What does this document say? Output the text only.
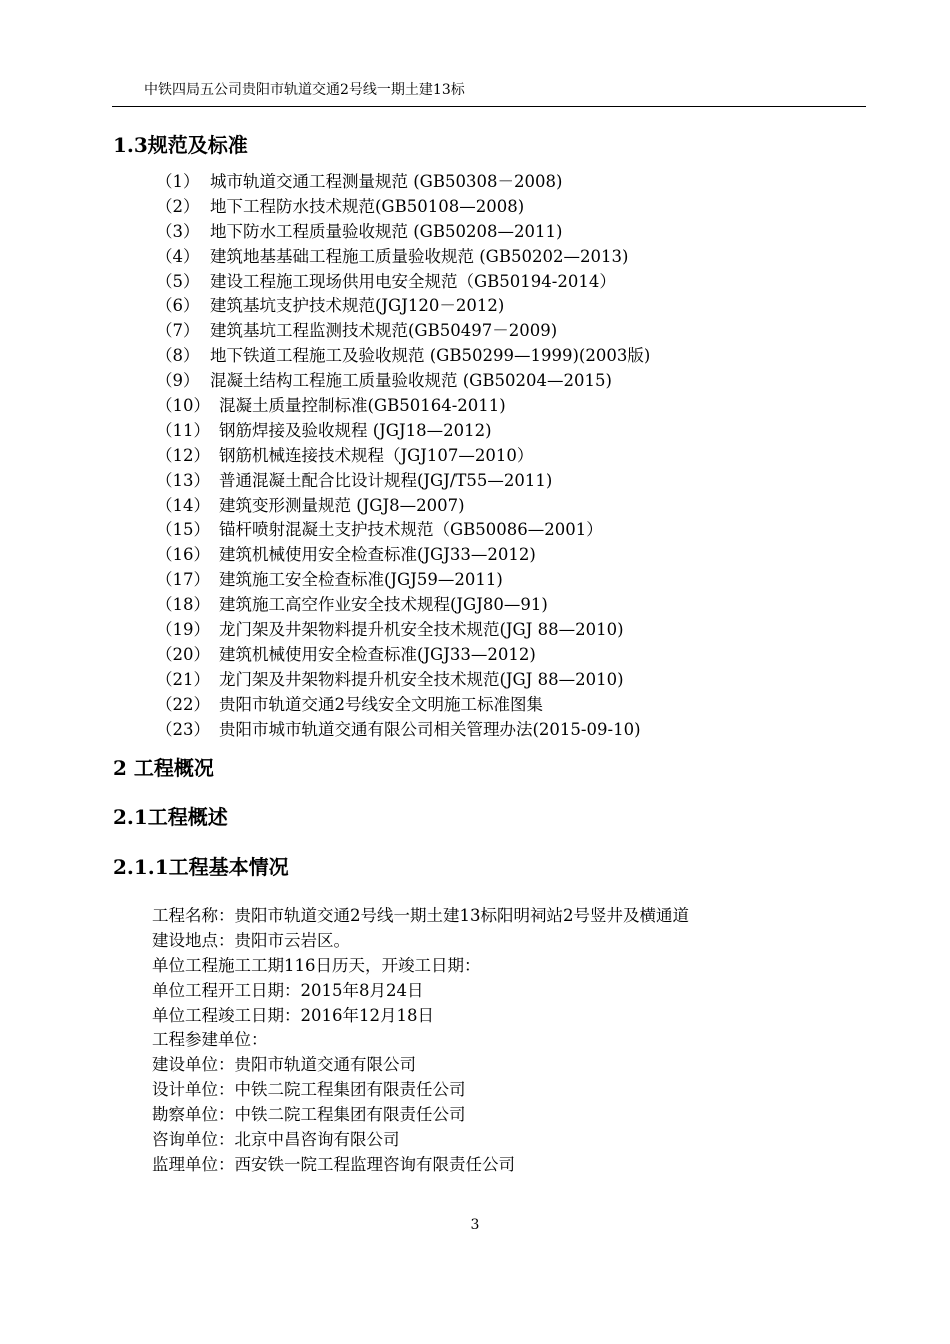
中铁四局五公司贵阳市轨道交通2号线一期土建13标
1.3规范及标准
（1） 城市轨道交通工程测量规范 (GB50308－2008)
（2） 地下工程防水技术规范(GB50108—2008)
（3） 地下防水工程质量验收规范 (GB50208—2011)
（4） 建筑地基基础工程施工质量验收规范 (GB50202—2013)
（5） 建设工程施工现场供用电安全规范（GB50194-2014）
（6） 建筑基坑支护技术规范(JGJ120－2012)
（7） 建筑基坑工程监测技术规范(GB50497－2009)
（8） 地下铁道工程施工及验收规范 (GB50299—1999)(2003版)
（9） 混凝土结构工程施工质量验收规范 (GB50204—2015)
（10） 混凝土质量控制标准(GB50164-2011)
（11） 钢筋焊接及验收规程 (JGJ18—2012)
（12） 钢筋机械连接技术规程（JGJ107—2010）
（13） 普通混凝土配合比设计规程(JGJ/T55—2011)
（14） 建筑变形测量规范 (JGJ8—2007)
（15） 锚杆喷射混凝土支护技术规范（GB50086—2001）
（16） 建筑机械使用安全检查标准(JGJ33—2012)
（17） 建筑施工安全检查标准(JGJ59—2011)
（18） 建筑施工高空作业安全技术规程(JGJ80—91)
（19） 龙门架及井架物料提升机安全技术规范(JGJ 88—2010)
（20） 建筑机械使用安全检查标准(JGJ33—2012)
（21） 龙门架及井架物料提升机安全技术规范(JGJ 88—2010)
（22） 贵阳市轨道交通2号线安全文明施工标准图集
（23） 贵阳市城市轨道交通有限公司相关管理办法(2015-09-10)
2 工程概况
2.1工程概述
2.1.1工程基本情况
工程名称：贵阳市轨道交通2号线一期土建13标阳明祠站2号竖井及横通道
建设地点：贵阳市云岩区。
单位工程施工工期116日历天，开竣工日期：
单位工程开工日期：2015年8月24日
单位工程竣工日期：2016年12月18日
工程参建单位：
建设单位：贵阳市轨道交通有限公司
设计单位：中铁二院工程集团有限责任公司
勘察单位：中铁二院工程集团有限责任公司
咨询单位：北京中昌咨询有限公司
监理单位：西安铁一院工程监理咨询有限责任公司
3
